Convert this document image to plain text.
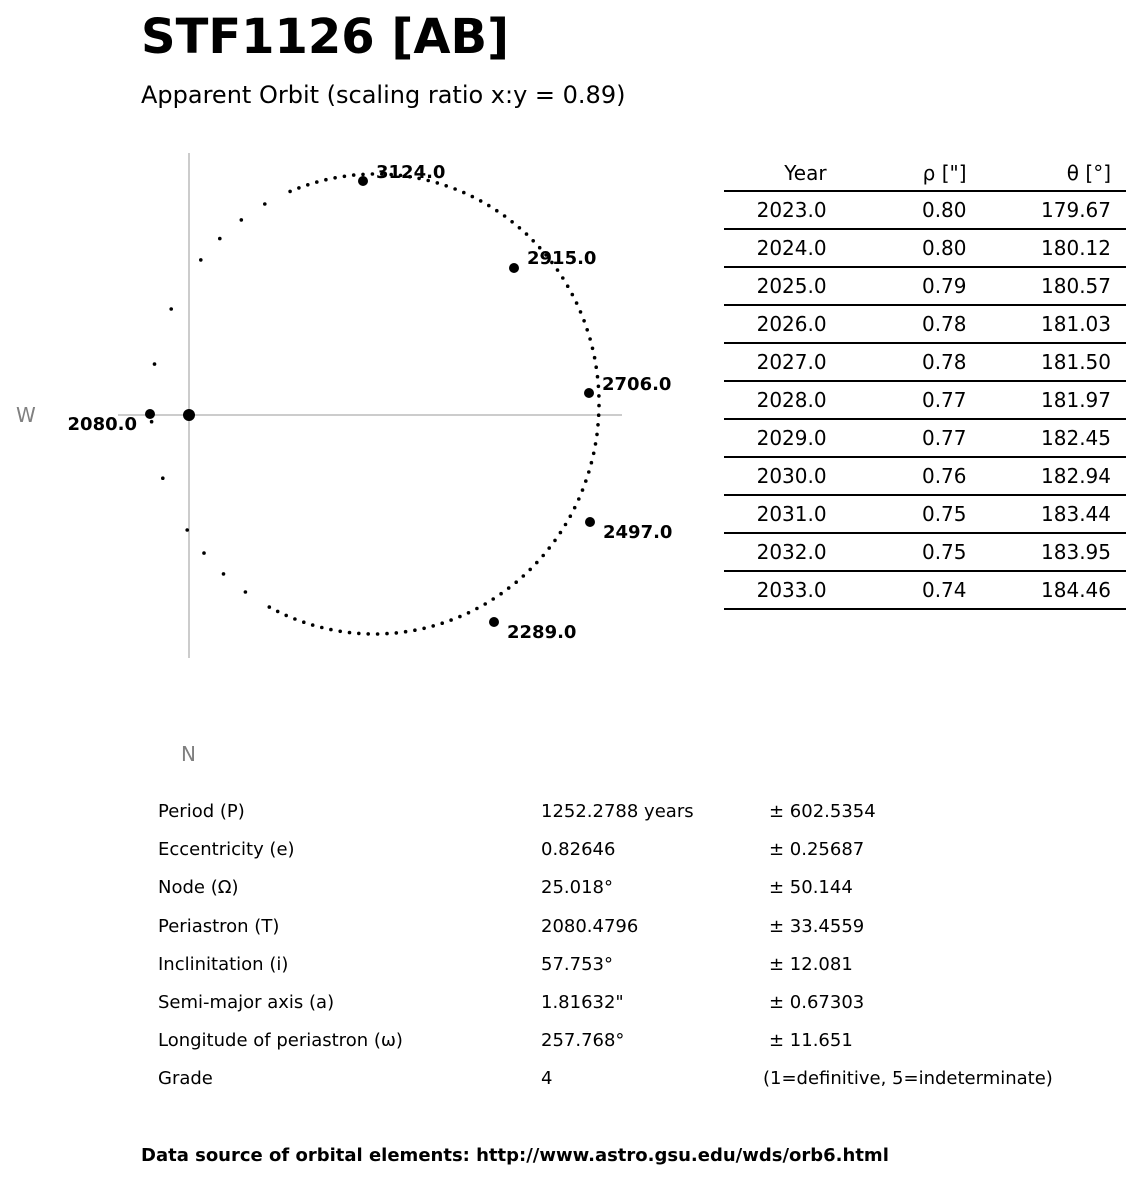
STF1126 [AB]
Apparent Orbit (scaling ratio x:y = 0.89)
W
N
3124.0
2915.0
2706.0
2497.0
2289.0
2080.0
Year	ρ ["]	θ [°]
2023.0	0.80	179.67
2024.0	0.80	180.12
2025.0	0.79	180.57
2026.0	0.78	181.03
2027.0	0.78	181.50
2028.0	0.77	181.97
2029.0	0.77	182.45
2030.0	0.76	182.94
2031.0	0.75	183.44
2032.0	0.75	183.95
2033.0	0.74	184.46
Period (P)	1252.2788 years	± 602.5354
Eccentricity (e)	0.82646	± 0.25687
Node (Ω)	25.018°	± 50.144
Periastron (T)	2080.4796	± 33.4559
Inclinitation (i)	57.753°	± 12.081
Semi-major axis (a)	1.81632"	± 0.67303
Longitude of periastron (ω)	257.768°	± 11.651
Grade	4	(1=definitive, 5=indeterminate)
Data source of orbital elements: http://www.astro.gsu.edu/wds/orb6.html
